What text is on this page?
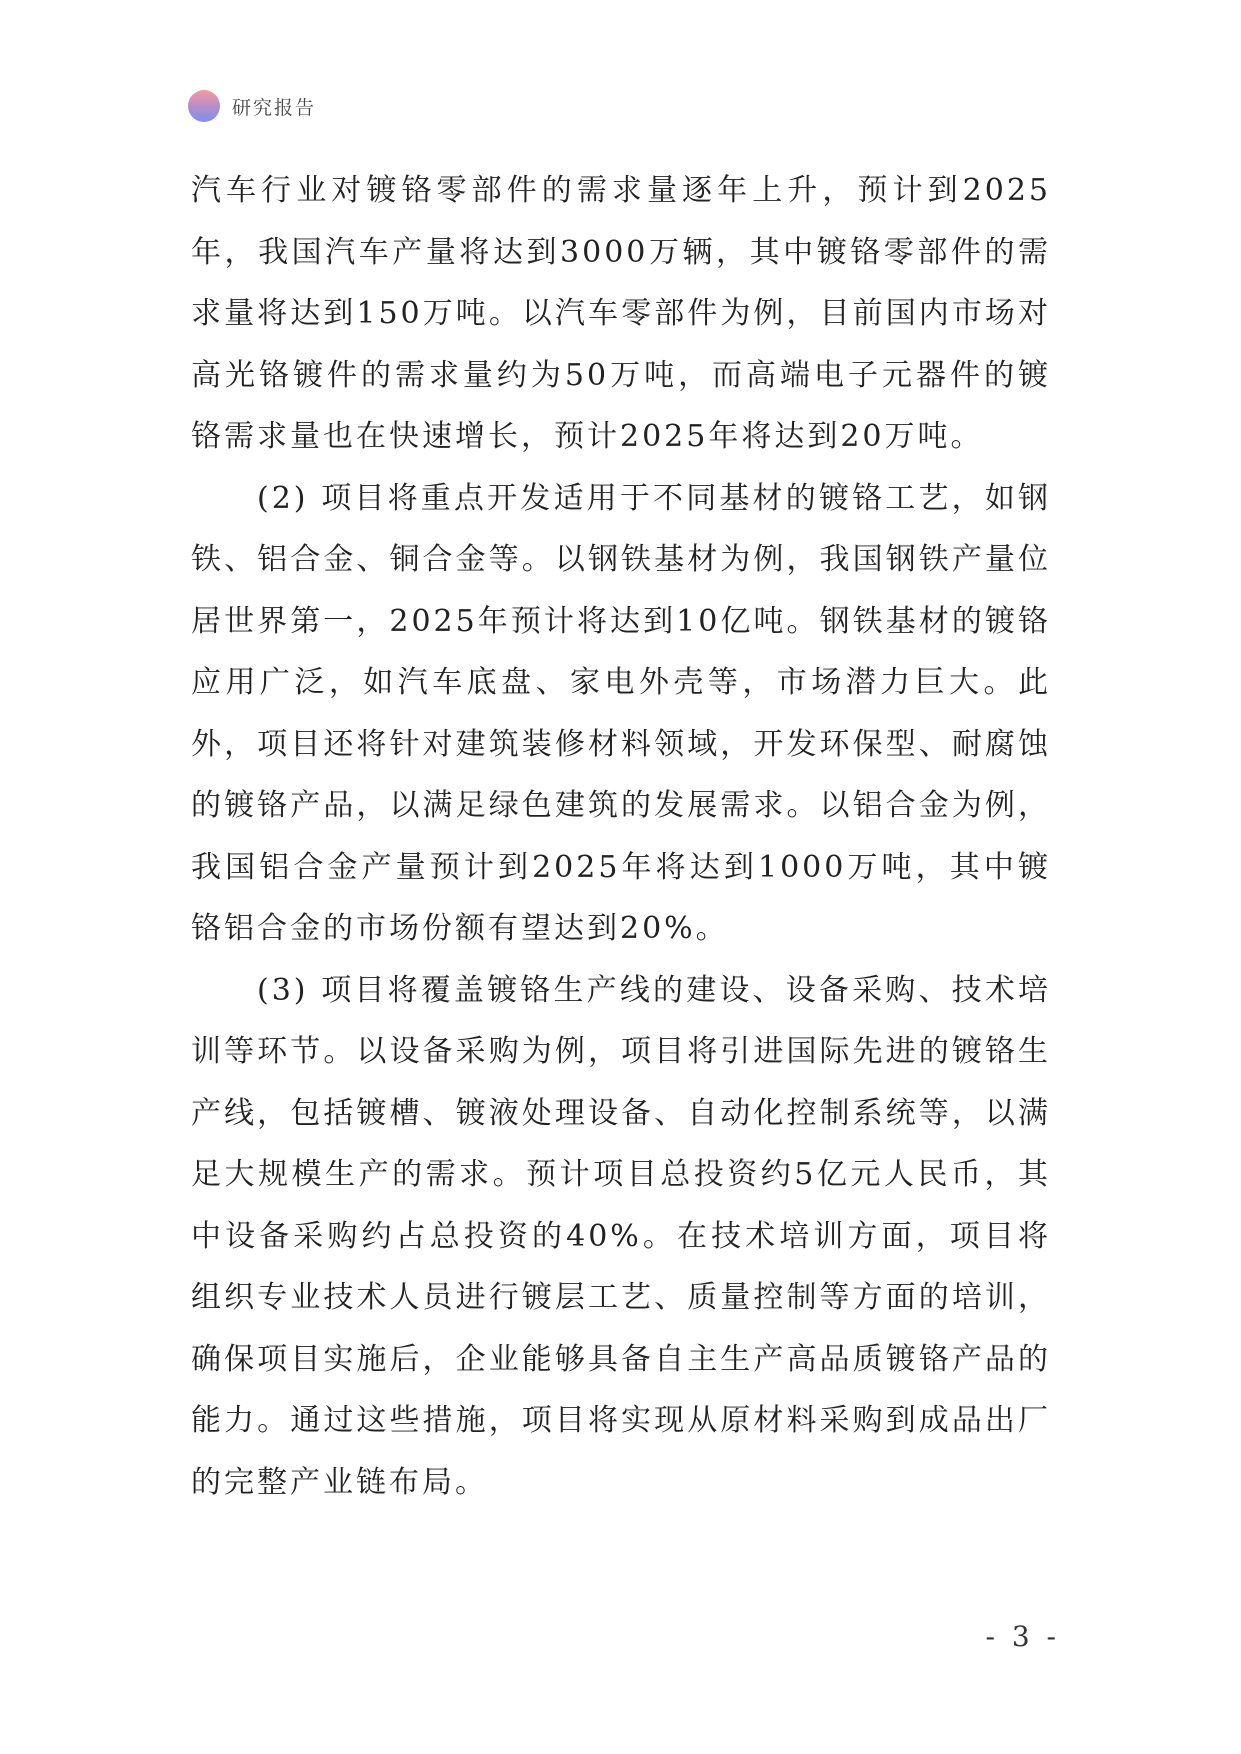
研究报告

汽车行业对镀铬零部件的需求量逐年上升，预计到2025年，我国汽车产量将达到3000万辆，其中镀铬零部件的需求量将达到150万吨。以汽车零部件为例，目前国内市场对高光铬镀件的需求量约为50万吨，而高端电子元器件的镀铬需求量也在快速增长，预计2025年将达到20万吨。

(2) 项目将重点开发适用于不同基材的镀铬工艺，如钢铁、铝合金、铜合金等。以钢铁基材为例，我国钢铁产量位居世界第一，2025年预计将达到10亿吨。钢铁基材的镀铬应用广泛，如汽车底盘、家电外壳等，市场潜力巨大。此外，项目还将针对建筑装修材料领域，开发环保型、耐腐蚀的镀铬产品，以满足绿色建筑的发展需求。以铝合金为例，我国铝合金产量预计到2025年将达到1000万吨，其中镀铬铝合金的市场份额有望达到20%。

(3) 项目将覆盖镀铬生产线的建设、设备采购、技术培训等环节。以设备采购为例，项目将引进国际先进的镀铬生产线，包括镀槽、镀液处理设备、自动化控制系统等，以满足大规模生产的需求。预计项目总投资约5亿元人民币，其中设备采购约占总投资的40%。在技术培训方面，项目将组织专业技术人员进行镀层工艺、质量控制等方面的培训，确保项目实施后，企业能够具备自主生产高品质镀铬产品的能力。通过这些措施，项目将实现从原材料采购到成品出厂的完整产业链布局。

- 3 -
